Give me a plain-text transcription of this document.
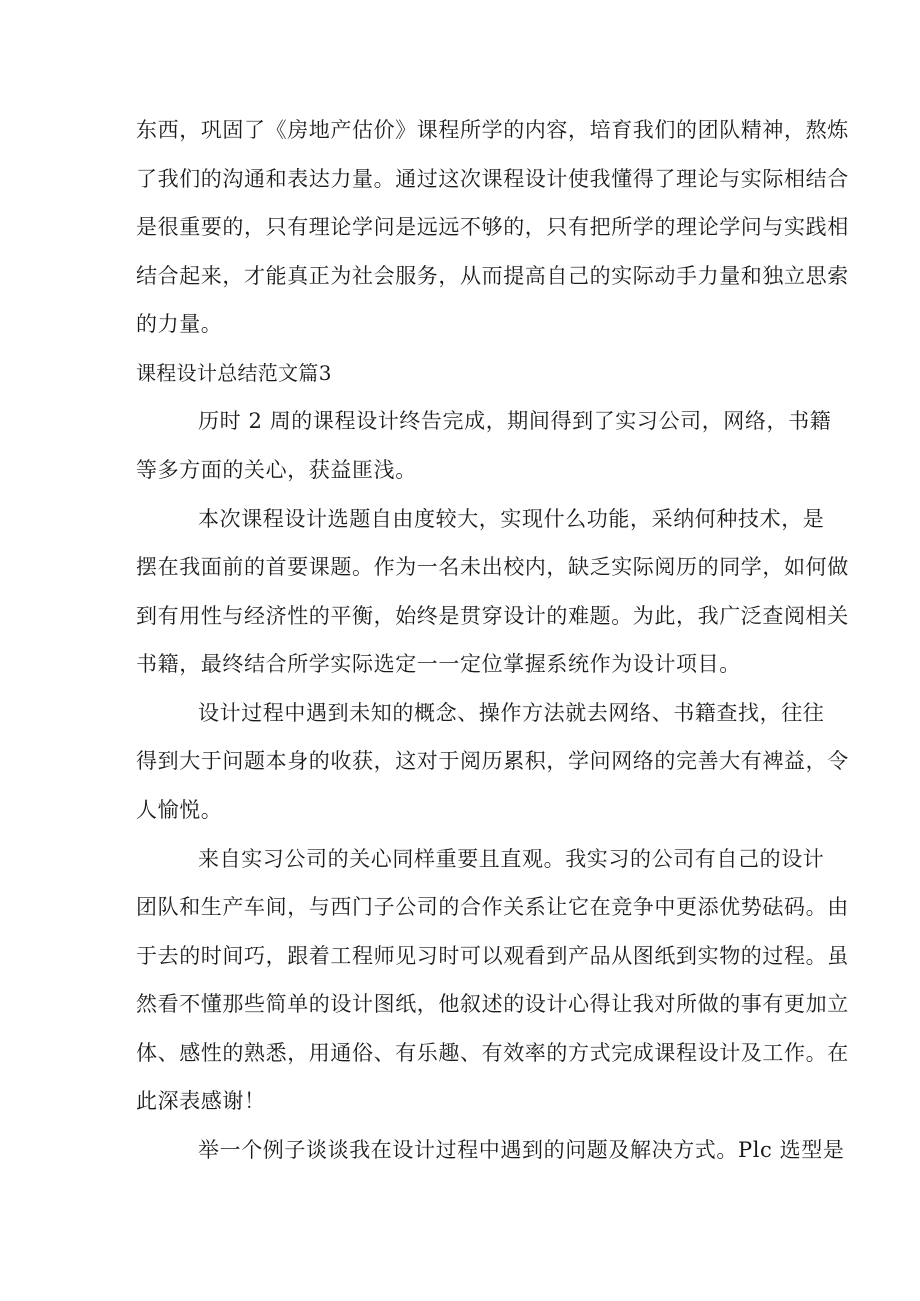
东西，巩固了《房地产估价》课程所学的内容，培育我们的团队精神，熬炼
了我们的沟通和表达力量。通过这次课程设计使我懂得了理论与实际相结合
是很重要的，只有理论学问是远远不够的，只有把所学的理论学问与实践相
结合起来，才能真正为社会服务，从而提高自己的实际动手力量和独立思索
的力量。
课程设计总结范文篇3
历时 2 周的课程设计终告完成，期间得到了实习公司，网络，书籍
等多方面的关心，获益匪浅。
本次课程设计选题自由度较大，实现什么功能，采纳何种技术，是
摆在我面前的首要课题。作为一名未出校内，缺乏实际阅历的同学，如何做
到有用性与经济性的平衡，始终是贯穿设计的难题。为此，我广泛查阅相关
书籍，最终结合所学实际选定一一定位掌握系统作为设计项目。
设计过程中遇到未知的概念、操作方法就去网络、书籍查找，往往
得到大于问题本身的收获，这对于阅历累积，学问网络的完善大有裨益，令
人愉悦。
来自实习公司的关心同样重要且直观。我实习的公司有自己的设计
团队和生产车间，与西门子公司的合作关系让它在竞争中更添优势砝码。由
于去的时间巧，跟着工程师见习时可以观看到产品从图纸到实物的过程。虽
然看不懂那些简单的设计图纸，他叙述的设计心得让我对所做的事有更加立
体、感性的熟悉，用通俗、有乐趣、有效率的方式完成课程设计及工作。在
此深表感谢！
举一个例子谈谈我在设计过程中遇到的问题及解决方式。Plc 选型是
